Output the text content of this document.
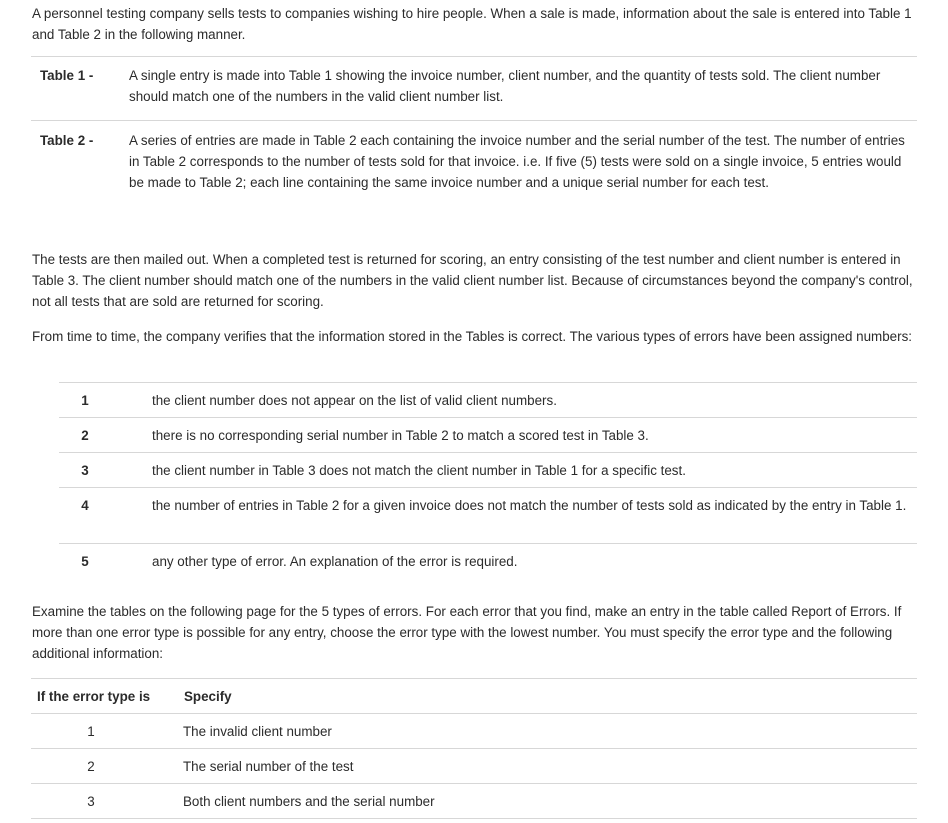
A personnel testing company sells tests to companies wishing to hire people. When a sale is made, information about the sale is entered into Table 1 and Table 2 in the following manner.

Table 1 -	A single entry is made into Table 1 showing the invoice number, client number, and the quantity of tests sold. The client number should match one of the numbers in the valid client number list.
Table 2 -	A series of entries are made in Table 2 each containing the invoice number and the serial number of the test. The number of entries in Table 2 corresponds to the number of tests sold for that invoice. i.e. If five (5) tests were sold on a single invoice, 5 entries would be made to Table 2; each line containing the same invoice number and a unique serial number for each test.

The tests are then mailed out. When a completed test is returned for scoring, an entry consisting of the test number and client number is entered in Table 3. The client number should match one of the numbers in the valid client number list. Because of circumstances beyond the company's control, not all tests that are sold are returned for scoring.

From time to time, the company verifies that the information stored in the Tables is correct. The various types of errors have been assigned numbers:

1	the client number does not appear on the list of valid client numbers.
2	there is no corresponding serial number in Table 2 to match a scored test in Table 3.
3	the client number in Table 3 does not match the client number in Table 1 for a specific test.
4	the number of entries in Table 2 for a given invoice does not match the number of tests sold as indicated by the entry in Table 1.
5	any other type of error. An explanation of the error is required.

Examine the tables on the following page for the 5 types of errors. For each error that you find, make an entry in the table called Report of Errors. If more than one error type is possible for any entry, choose the error type with the lowest number. You must specify the error type and the following additional information:

If the error type is	Specify
1	The invalid client number
2	The serial number of the test
3	Both client numbers and the serial number
